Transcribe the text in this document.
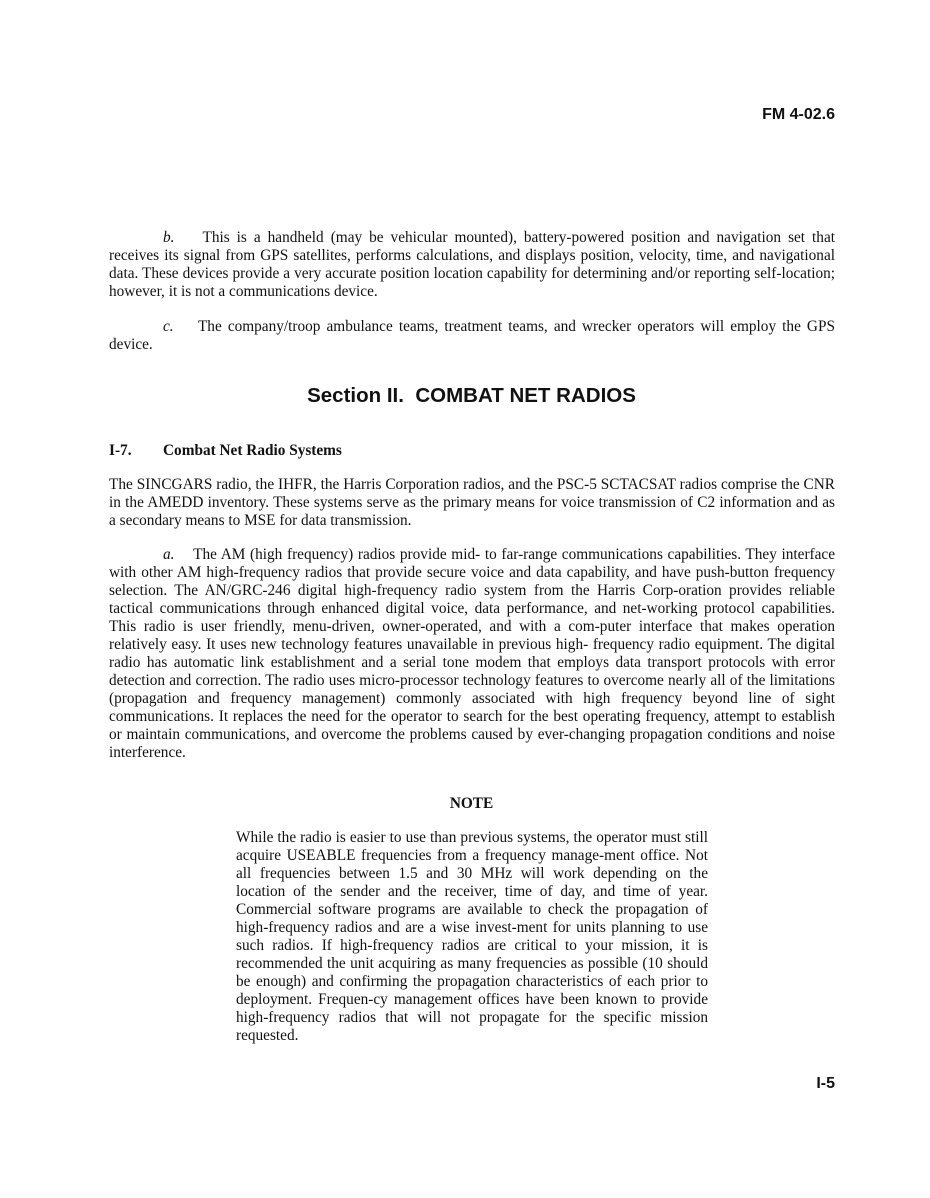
FM 4-02.6

b. This is a handheld (may be vehicular mounted), battery-powered position and navigation set that receives its signal from GPS satellites, performs calculations, and displays position, velocity, time, and navigational data. These devices provide a very accurate position location capability for determining and/or reporting self-location; however, it is not a communications device.

c. The company/troop ambulance teams, treatment teams, and wrecker operators will employ the GPS device.

Section II.  COMBAT NET RADIOS
I-7. Combat Net Radio Systems

The SINCGARS radio, the IHFR, the Harris Corporation radios, and the PSC-5 SCTACSAT radios comprise the CNR in the AMEDD inventory. These systems serve as the primary means for voice transmission of C2 information and as a secondary means to MSE for data transmission.

a. The AM (high frequency) radios provide mid- to far-range communications capabilities. They interface with other AM high-frequency radios that provide secure voice and data capability, and have push-button frequency selection. The AN/GRC-246 digital high-frequency radio system from the Harris Corp-oration provides reliable tactical communications through enhanced digital voice, data performance, and net-working protocol capabilities. This radio is user friendly, menu-driven, owner-operated, and with a com-puter interface that makes operation relatively easy. It uses new technology features unavailable in previous high- frequency radio equipment. The digital radio has automatic link establishment and a serial tone modem that employs data transport protocols with error detection and correction. The radio uses micro-processor technology features to overcome nearly all of the limitations (propagation and frequency management) commonly associated with high frequency beyond line of sight communications. It replaces the need for the operator to search for the best operating frequency, attempt to establish or maintain communications, and overcome the problems caused by ever-changing propagation conditions and noise interference.

NOTE

While the radio is easier to use than previous systems, the operator must still acquire USEABLE frequencies from a frequency manage-ment office. Not all frequencies between 1.5 and 30 MHz will work depending on the location of the sender and the receiver, time of day, and time of year. Commercial software programs are available to check the propagation of high-frequency radios and are a wise invest-ment for units planning to use such radios. If high-frequency radios are critical to your mission, it is recommended the unit acquiring as many frequencies as possible (10 should be enough) and confirming the propagation characteristics of each prior to deployment. Frequen-cy management offices have been known to provide high-frequency radios that will not propagate for the specific mission requested.

I-5
